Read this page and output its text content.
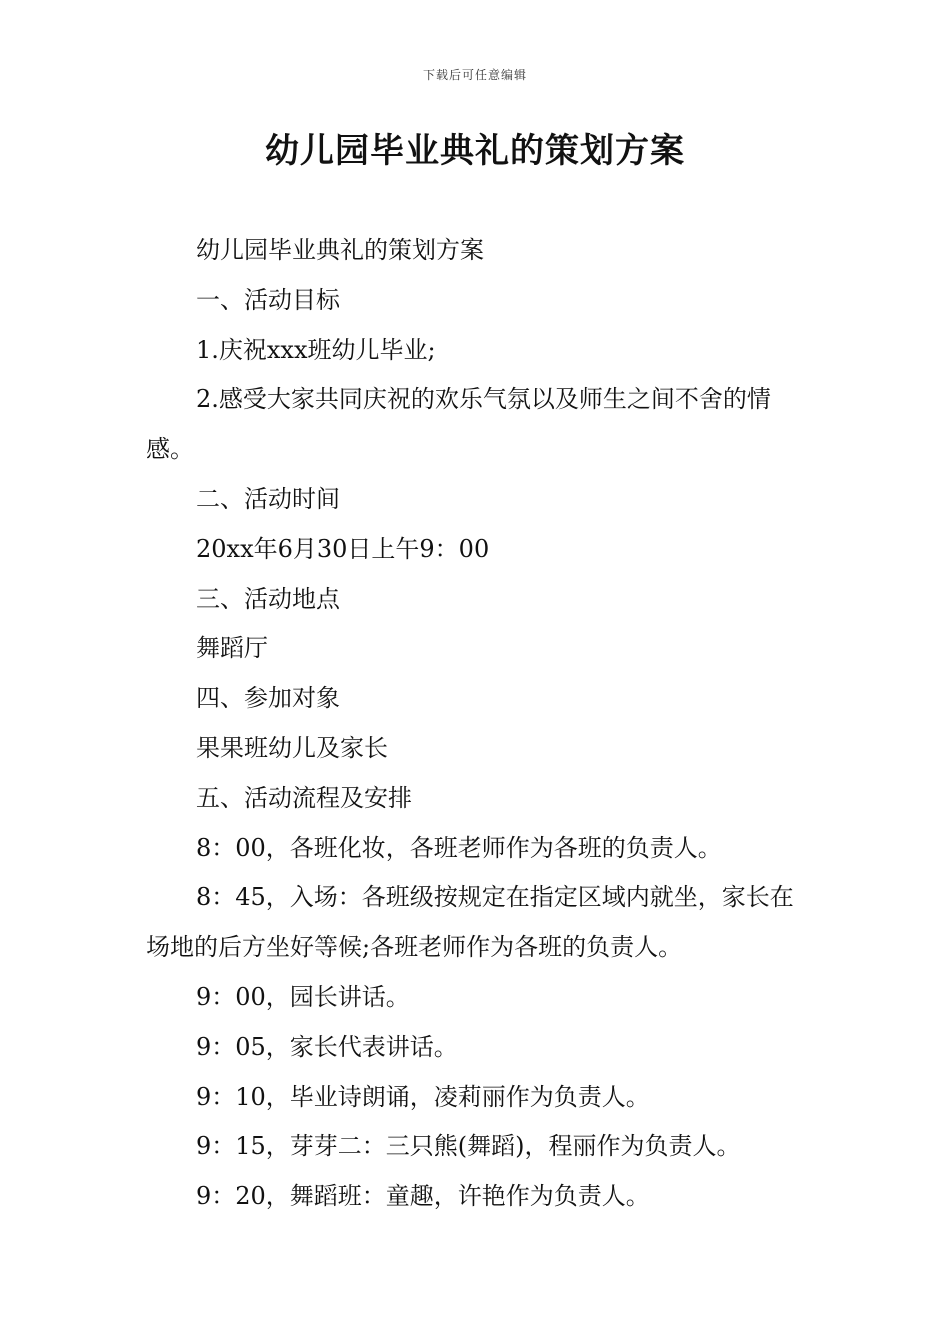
下载后可任意编辑
幼儿园毕业典礼的策划方案

幼儿园毕业典礼的策划方案

一、活动目标

1.庆祝xxx班幼儿毕业;

2.感受大家共同庆祝的欢乐气氛以及师生之间不舍的情感。

二、活动时间

20xx年6月30日上午9：00

三、活动地点

舞蹈厅

四、参加对象

果果班幼儿及家长

五、活动流程及安排

8：00，各班化妆，各班老师作为各班的负责人。

8：45，入场：各班级按规定在指定区域内就坐，家长在场地的后方坐好等候;各班老师作为各班的负责人。

9：00，园长讲话。

9：05，家长代表讲话。

9：10，毕业诗朗诵，凌莉丽作为负责人。

9：15，芽芽二：三只熊(舞蹈)，程丽作为负责人。

9：20，舞蹈班：童趣，许艳作为负责人。
